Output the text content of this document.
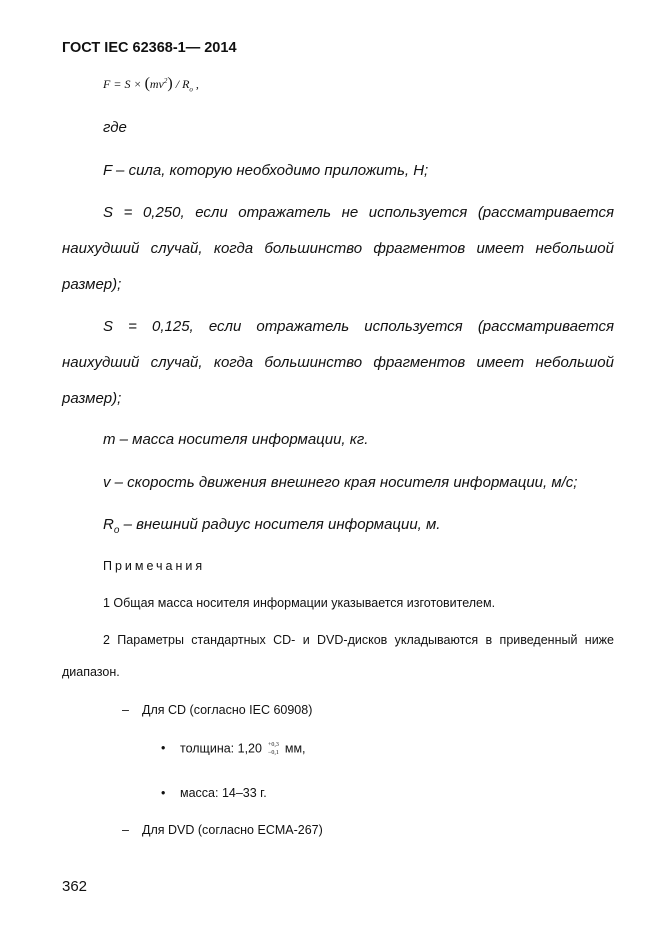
ГОСТ IEC 62368-1— 2014
$F = S \times (mv^2) / R_o$ ,
где
F – сила, которую необходимо приложить, Н;
S = 0,250, если отражатель не используется (рассматривается наихудший случай, когда большинство фрагментов имеет небольшой размер);
S = 0,125, если отражатель используется (рассматривается наихудший случай, когда большинство фрагментов имеет небольшой размер);
m – масса носителя информации, кг.
v – скорость движения внешнего края носителя информации, м/с;
$R_o$ – внешний радиус носителя информации, м.
Примечания
1 Общая масса носителя информации указывается изготовителем.
2 Параметры стандартных CD- и DVD-дисков укладываются в приведенный ниже диапазон.
– Для CD (согласно IEC 60908)
• толщина: 1,20 +0,3
−0,1 мм,
• масса: 14–33 г.
– Для DVD (согласно ECMA-267)
362
